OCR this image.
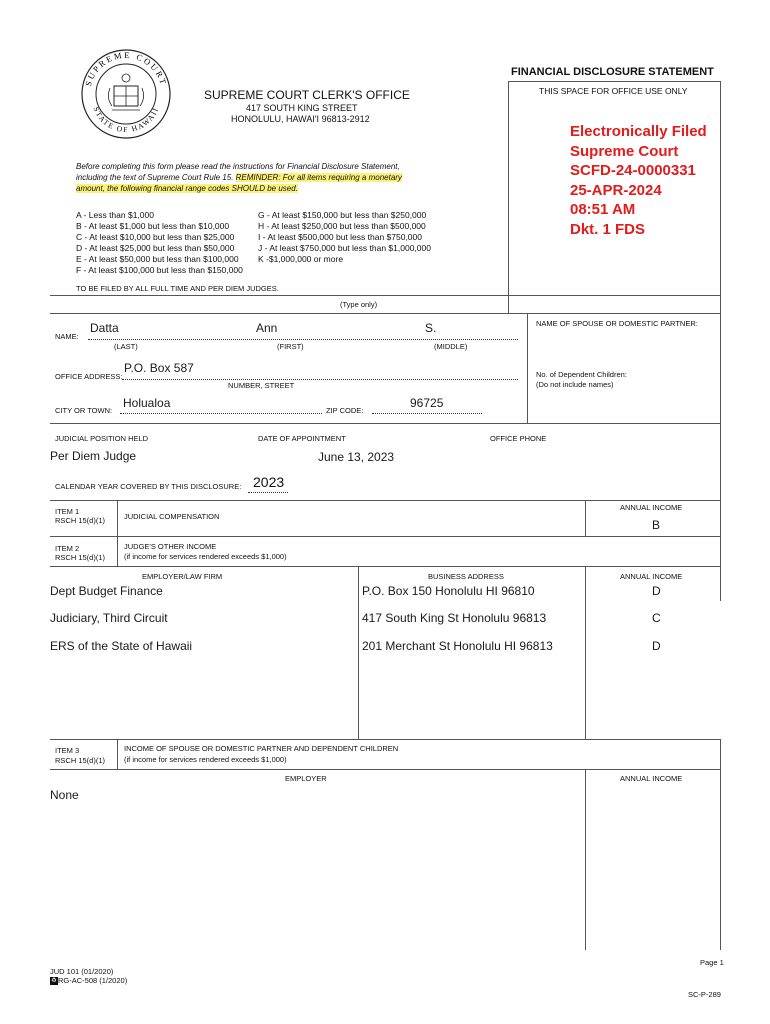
SUPREME COURT
STATE OF HAWAII
FINANCIAL DISCLOSURE STATEMENT
THIS SPACE FOR OFFICE USE ONLY
SUPREME COURT CLERK'S OFFICE
417 SOUTH KING STREET
HONOLULU, HAWAI'I 96813-2912
Electronically Filed
Supreme Court
SCFD-24-0000331
25-APR-2024
08:51 AM
Dkt. 1 FDS
Before completing this form please read the instructions for Financial Disclosure Statement,
including the text of Supreme Court Rule 15. REMINDER: For all items requiring a monetary
amount, the following financial range codes SHOULD be used.
A - Less than $1,000
B - At least $1,000 but less than $10,000
C - At least $10,000 but less than $25,000
D - At least $25,000 but less than $50,000
E - At least $50,000 but less than $100,000
F - At least $100,000 but less than $150,000
G - At least $150,000 but less than $250,000
H - At least $250,000 but less than $500,000
I - At least $500,000 but less than $750,000
J - At least $750,000 but less than $1,000,000
K -$1,000,000 or more
TO BE FILED BY ALL FULL TIME AND PER DIEM JUDGES.
(Type only)
NAME:
Datta	Ann	S.
(LAST)	(FIRST)	(MIDDLE)
NAME OF SPOUSE OR DOMESTIC PARTNER:
No. of Dependent Children:
(Do not include names)
OFFICE ADDRESS:
P.O. Box 587
NUMBER, STREET
CITY OR TOWN:
Holualoa
ZIP CODE:
96725
JUDICIAL POSITION HELD	DATE OF APPOINTMENT	OFFICE PHONE
Per Diem Judge	June 13, 2023
CALENDAR YEAR COVERED BY THIS DISCLOSURE: 2023
ITEM 1
RSCH 15(d)(1)	JUDICIAL COMPENSATION
ANNUAL INCOME
B
ITEM 2
RSCH 15(d)(1)
JUDGE'S OTHER INCOME
(if income for services rendered exceeds $1,000)
EMPLOYER/LAW FIRM	BUSINESS ADDRESS	ANNUAL INCOME
Dept Budget Finance	P.O. Box 150 Honolulu HI 96810	D
Judiciary, Third Circuit	417 South King St Honolulu 96813	C
ERS of the State of Hawaii	201 Merchant St Honolulu HI 96813	D
ITEM 3
RSCH 15(d)(1)
INCOME OF SPOUSE OR DOMESTIC PARTNER AND DEPENDENT CHILDREN
(if income for services rendered exceeds $1,000)
EMPLOYER	ANNUAL INCOME
None
Page 1
JUD 101 (01/2020)
♻RG-AC-508 (1/2020)
SC-P-289
